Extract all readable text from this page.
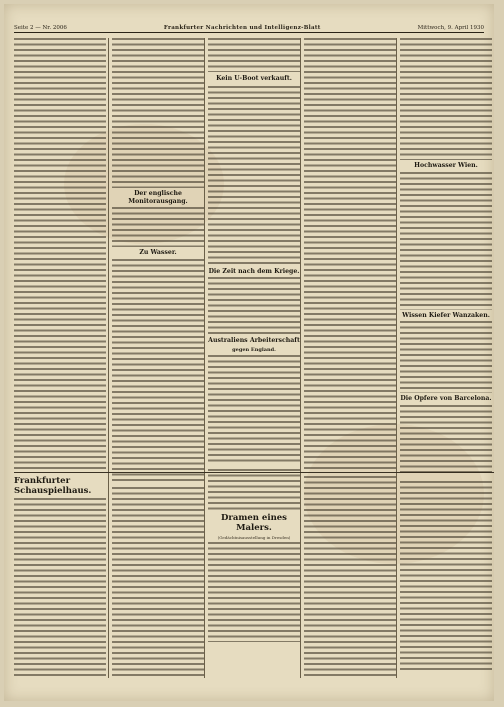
Seite 2 — Nr. 2006	Frankfurter Nachrichten und Intelligenz-Blatt	Mittwoch, 9. April 1930
Frankfurter Schauspielhaus.
Der englische Monitorausgang.
Zu Wasser.
Kein U-Boot verkauft.
Die Zeit nach dem Kriege.
Australiens Arbeiterschaft
gegen England.
Dramen eines Malers.
(Gedächtnisausstellung in Dresden)
Hochwasser Wien.
Wissen Kiefer Wanzaken.
Die Opfere von Barcelona.
